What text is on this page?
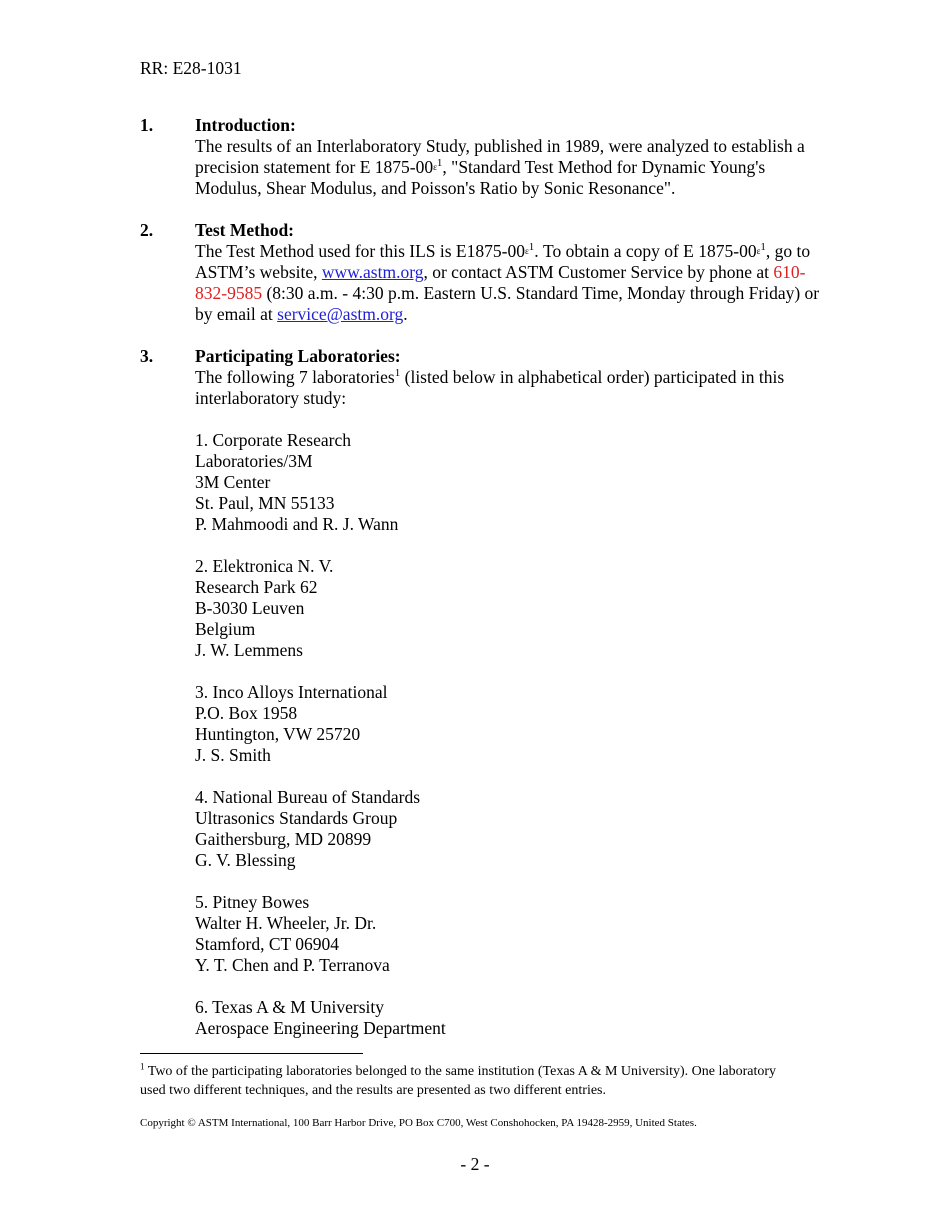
RR: E28-1031
1. Introduction:

The results of an Interlaboratory Study, published in 1989, were analyzed to establish a precision statement for E $1875-00\varepsilon^1$, "Standard Test Method for Dynamic Young's Modulus, Shear Modulus, and Poisson's Ratio by Sonic Resonance".

2. Test Method:

The Test Method used for this ILS is $E1875-00\varepsilon^1$. To obtain a copy of E $1875-00\varepsilon^1$, go to ASTM’s website, www.astm.org, or contact ASTM Customer Service by phone at 610-832-9585 (8:30 a.m. - 4:30 p.m. Eastern U.S. Standard Time, Monday through Friday) or by email at service@astm.org.

3. Participating Laboratories:

The following 7 laboratories$^1$ (listed below in alphabetical order) participated in this interlaboratory study:

1. Corporate Research

Laboratories/3M

3M Center

St. Paul, MN 55133

P. Mahmoodi and R. J. Wann

2. Elektronica N. V.

Research Park 62

B-3030 Leuven

Belgium

J. W. Lemmens

3. Inco Alloys International

P.O. Box 1958

Huntington, VW 25720

J. S. Smith

4. National Bureau of Standards

Ultrasonics Standards Group

Gaithersburg, MD 20899

G. V. Blessing

5. Pitney Bowes

Walter H. Wheeler, Jr. Dr.

Stamford, CT 06904

Y. T. Chen and P. Terranova

6. Texas A & M University

Aerospace Engineering Department

$^1$ Two of the participating laboratories belonged to the same institution (Texas A & M University). One laboratory used two different techniques, and the results are presented as two different entries.
Copyright © ASTM International, 100 Barr Harbor Drive, PO Box C700, West Conshohocken, PA 19428-2959, United States.
- 2 -
